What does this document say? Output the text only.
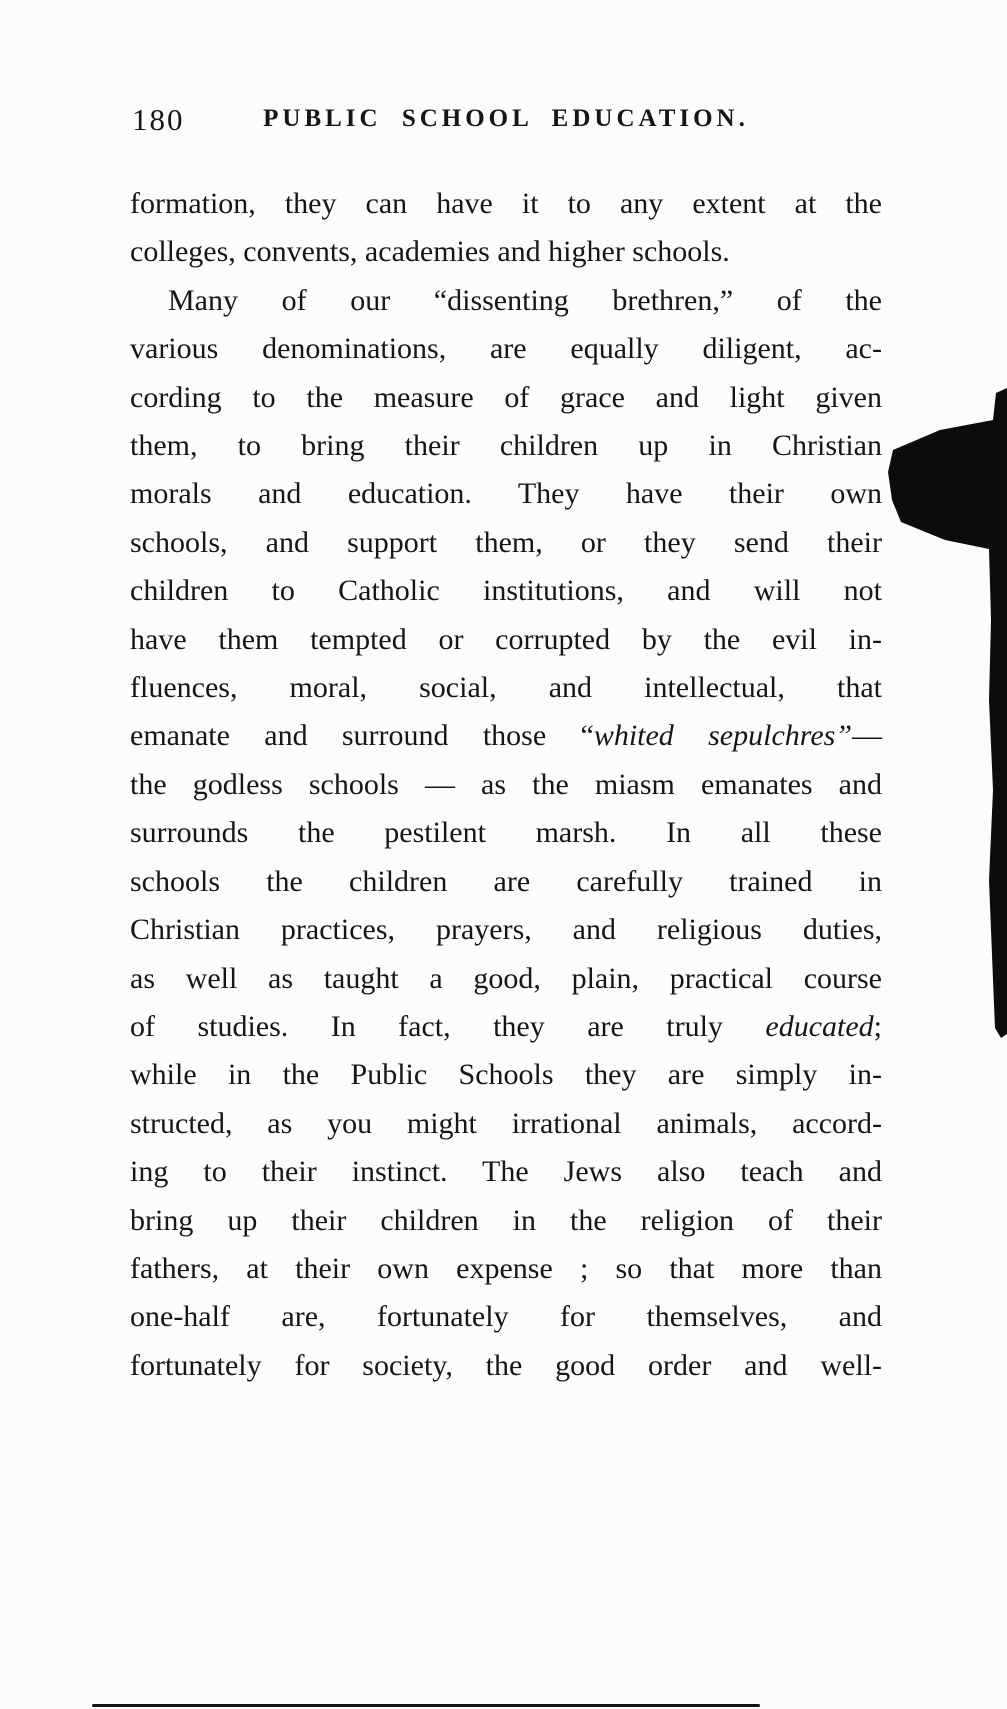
180	PUBLIC SCHOOL EDUCATION.
formation, they can have it to any extent at the
colleges, convents, academies and higher schools.
Many of our “dissenting brethren,” of the
various denominations, are equally diligent, ac-
cording to the measure of grace and light given
them, to bring their children up in Christian
morals and education. They have their own
schools, and support them, or they send their
children to Catholic institutions, and will not
have them tempted or corrupted by the evil in-
fluences, moral, social, and intellectual, that
emanate and surround those “whited sepulchres”—
the godless schools — as the miasm emanates and
surrounds the pestilent marsh. In all these
schools the children are carefully trained in
Christian practices, prayers, and religious duties,
as well as taught a good, plain, practical course
of studies. In fact, they are truly educated;
while in the Public Schools they are simply in-
structed, as you might irrational animals, accord-
ing to their instinct. The Jews also teach and
bring up their children in the religion of their
fathers, at their own expense ; so that more than
one-half are, fortunately for themselves, and
fortunately for society, the good order and well-
